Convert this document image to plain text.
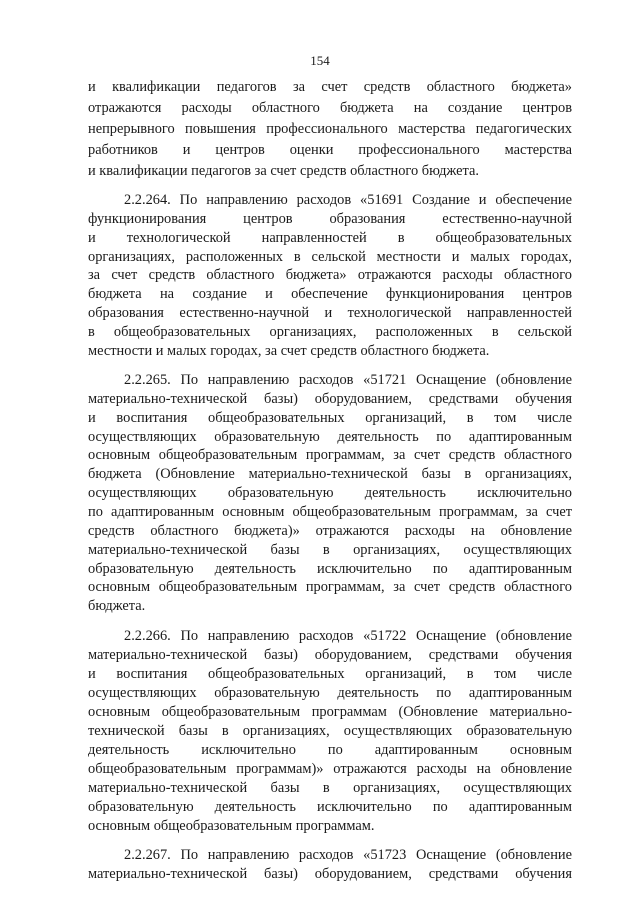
154
и квалификации педагогов за счет средств областного бюджета»
отражаются расходы областного бюджета на создание центров
непрерывного повышения профессионального мастерства педагогических
работников и центров оценки профессионального мастерства
и квалификации педагогов за счет средств областного бюджета.
2.2.264. По направлению расходов «51691 Создание и обеспечение
функционирования центров образования естественно-научной
и технологической направленностей в общеобразовательных
организациях, расположенных в сельской местности и малых городах,
за счет средств областного бюджета» отражаются расходы областного
бюджета на создание и обеспечение функционирования центров
образования естественно-научной и технологической направленностей
в общеобразовательных организациях, расположенных в сельской
местности и малых городах, за счет средств областного бюджета.
2.2.265. По направлению расходов «51721 Оснащение (обновление
материально-технической базы) оборудованием, средствами обучения
и воспитания общеобразовательных организаций, в том числе
осуществляющих образовательную деятельность по адаптированным
основным общеобразовательным программам, за счет средств областного
бюджета (Обновление материально-технической базы в организациях,
осуществляющих образовательную деятельность исключительно
по адаптированным основным общеобразовательным программам, за счет
средств областного бюджета)» отражаются расходы на обновление
материально-технической базы в организациях, осуществляющих
образовательную деятельность исключительно по адаптированным
основным общеобразовательным программам, за счет средств областного
бюджета.
2.2.266. По направлению расходов «51722 Оснащение (обновление
материально-технической базы) оборудованием, средствами обучения
и воспитания общеобразовательных организаций, в том числе
осуществляющих образовательную деятельность по адаптированным
основным общеобразовательным программам (Обновление материально-
технической базы в организациях, осуществляющих образовательную
деятельность исключительно по адаптированным основным
общеобразовательным программам)» отражаются расходы на обновление
материально-технической базы в организациях, осуществляющих
образовательную деятельность исключительно по адаптированным
основным общеобразовательным программам.
2.2.267. По направлению расходов «51723 Оснащение (обновление
материально-технической базы) оборудованием, средствами обучения
